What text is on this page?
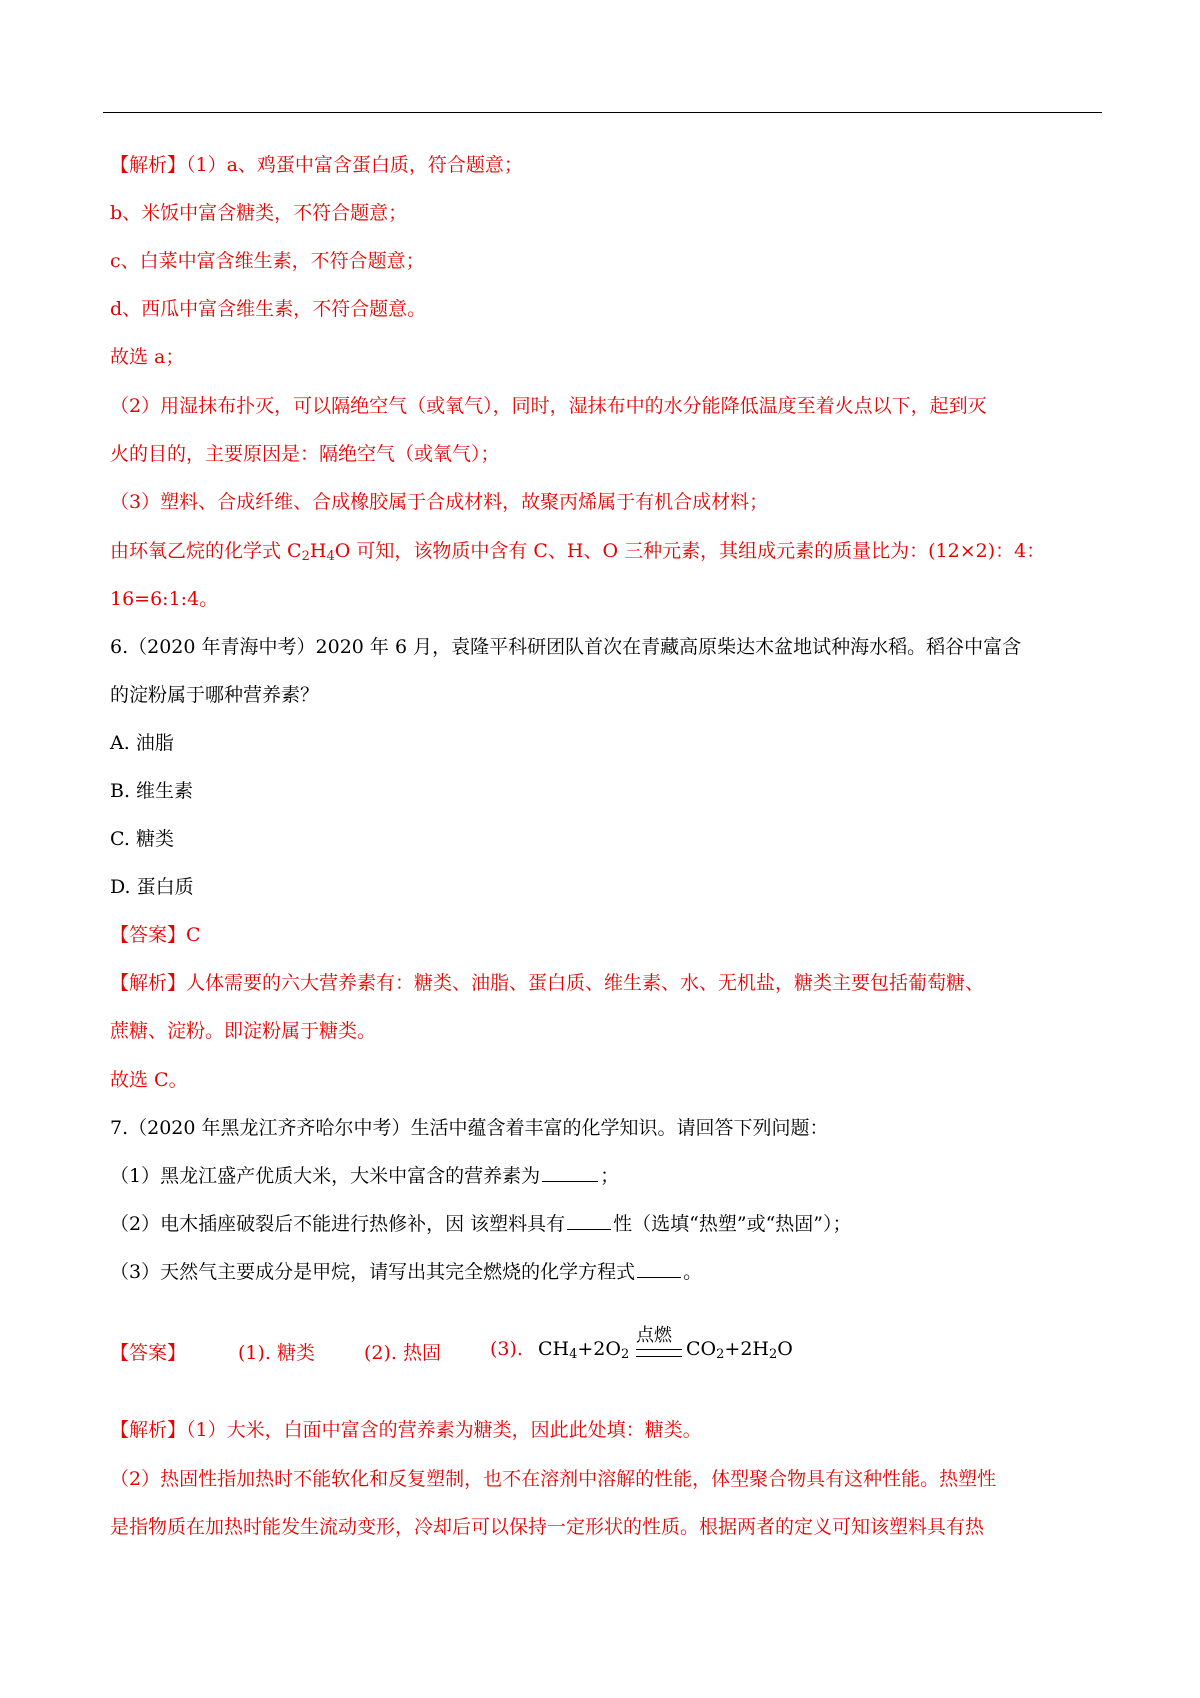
【解析】（1）a、鸡蛋中富含蛋白质，符合题意；
b、米饭中富含糖类，不符合题意；
c、白菜中富含维生素，不符合题意；
d、西瓜中富含维生素，不符合题意。
故选 a；
（2）用湿抹布扑灭，可以隔绝空气（或氧气），同时，湿抹布中的水分能降低温度至着火点以下，起到灭
火的目的，主要原因是：隔绝空气（或氧气）；
（3）塑料、合成纤维、合成橡胶属于合成材料，故聚丙烯属于有机合成材料；
由环氧乙烷的化学式 $C_2H_4O$ 可知，该物质中含有 C、H、O 三种元素，其组成元素的质量比为：(12×2)：4：
16=6:1:4。
6.（2020 年青海中考）2020 年 6 月，袁隆平科研团队首次在青藏高原柴达木盆地试种海水稻。稻谷中富含
的淀粉属于哪种营养素？
A. 油脂
B. 维生素
C. 糖类
D. 蛋白质
【答案】C
【解析】人体需要的六大营养素有：糖类、油脂、蛋白质、维生素、水、无机盐，糖类主要包括葡萄糖、
蔗糖、淀粉。即淀粉属于糖类。
故选 C。
7.（2020 年黑龙江齐齐哈尔中考）生活中蕴含着丰富的化学知识。请回答下列问题：
（1）黑龙江盛产优质大米，大米中富含的营养素为	；
（2）电木插座破裂后不能进行热修补，因 该塑料具有	性（选填“热塑”或“热固”）；
（3）天然气主要成分是甲烷，请写出其完全燃烧的化学方程式	。
【答案】	(1). 糖类	(2). 热固	(3). $CH_4+2O_2$
点燃
$CO_2+2H_2O$
【解析】（1）大米，白面中富含的营养素为糖类，因此此处填：糖类。
（2）热固性指加热时不能软化和反复塑制，也不在溶剂中溶解的性能，体型聚合物具有这种性能。热塑性
是指物质在加热时能发生流动变形，冷却后可以保持一定形状的性质。根据两者的定义可知该塑料具有热
